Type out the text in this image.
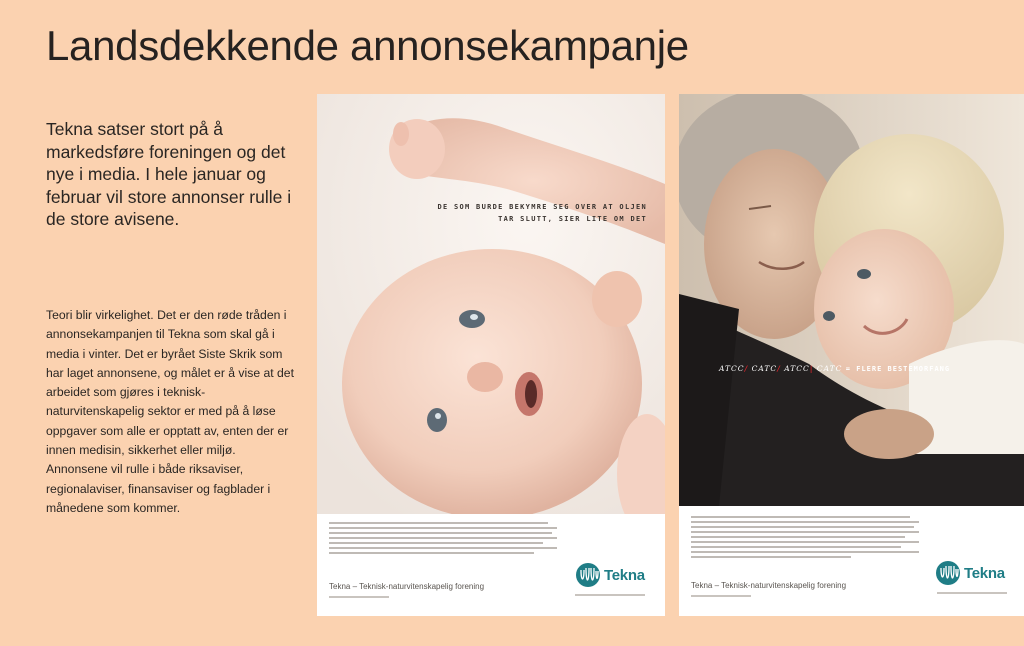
Landsdekkende annonsekampanje
Tekna satser stort på å markedsføre foreningen og det nye i media. I hele januar og februar vil store annonser rulle i de store avisene.
Teori blir virkelighet. Det er den røde tråden i annonsekampanjen til Tekna som skal gå i media i vinter. Det er byrået Siste Skrik som har laget annonsene, og målet er å vise at det arbeidet som gjøres i teknisk- naturvitenskapelig sektor er med på å løse oppgaver som alle er opptatt av, enten der er innen medisin, sikkerhet eller miljø. Annonsene vil rulle i både riksaviser, regionalaviser, finansaviser og fagblader i månedene som kommer.
DE SOM BURDE BEKYMRE SEG OVER AT OLJEN TAR SLUTT, SIER LITE OM DET
Tekna – Teknisk-naturvitenskapelig forening
Tekna
ATCC/ CATC/ ATCC| CATC = FLERE BESTEMORFANG
Tekna – Teknisk-naturvitenskapelig forening
Tekna
